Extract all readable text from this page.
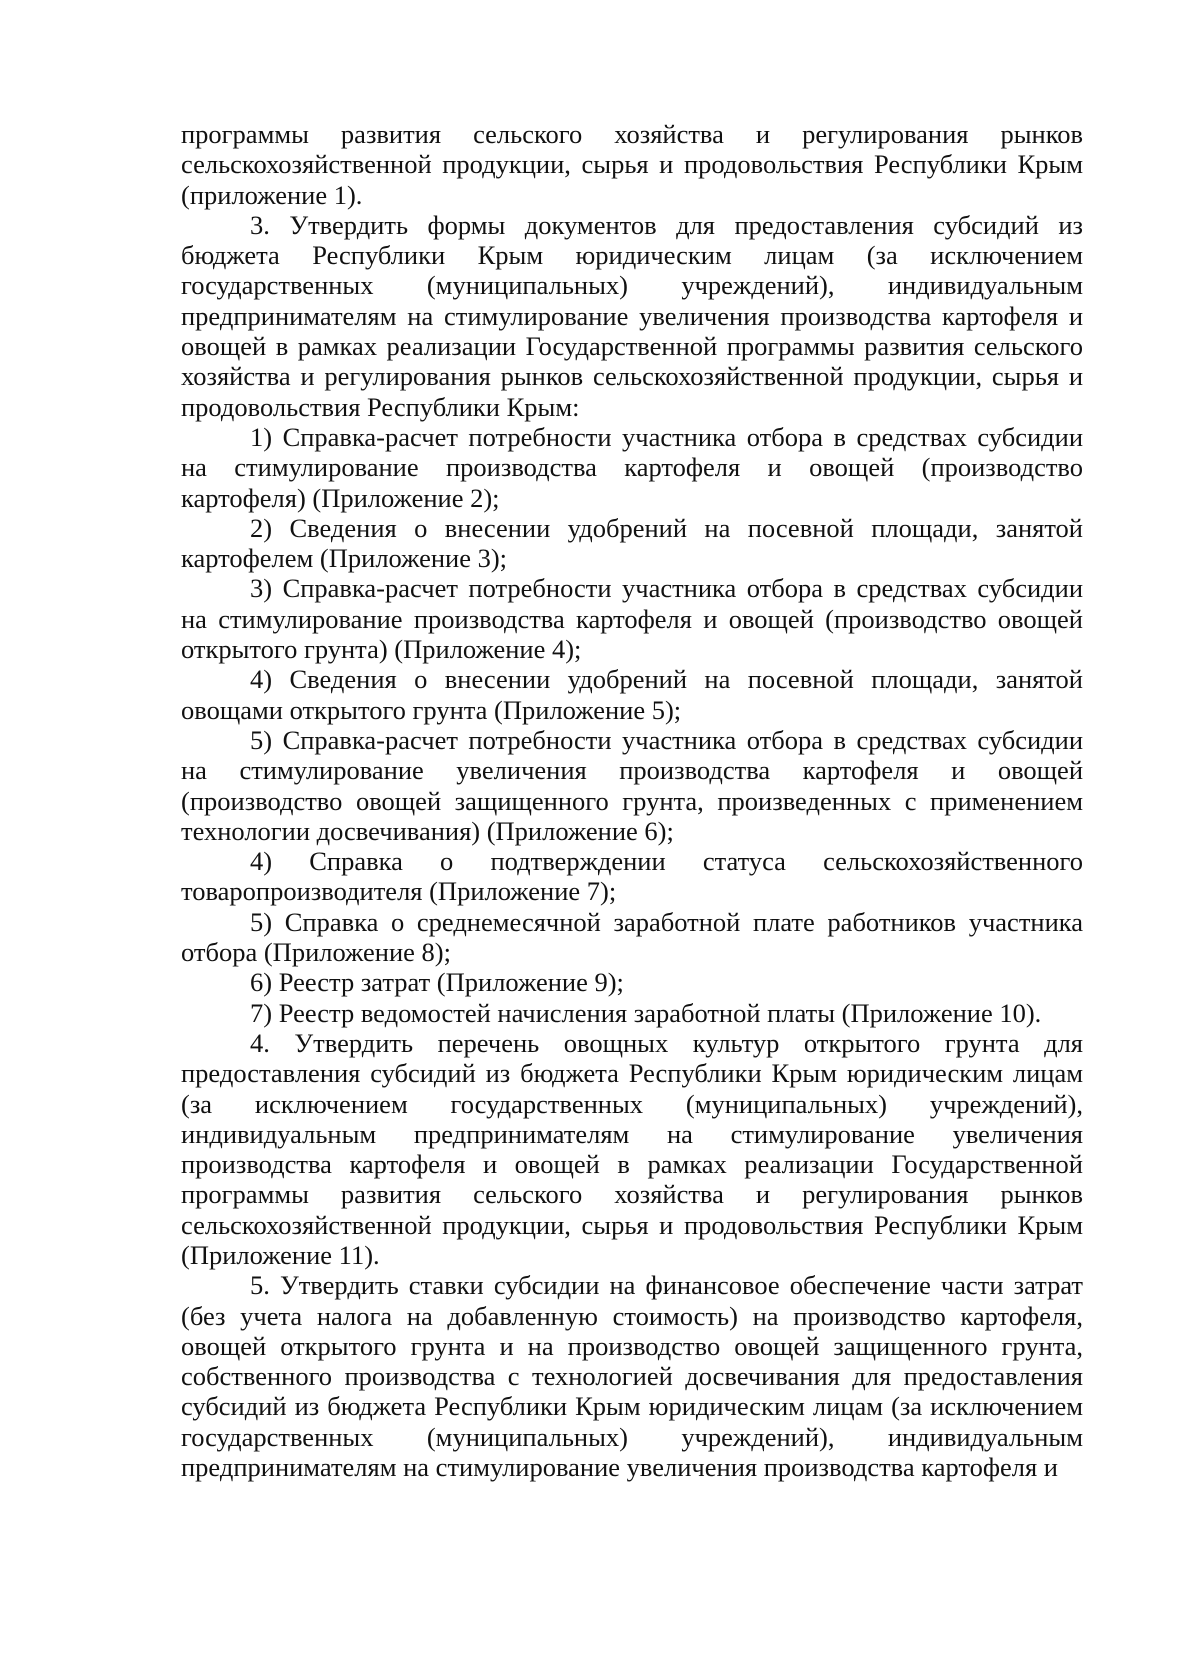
программы развития сельского хозяйства и регулирования рынков сельскохозяйственной продукции, сырья и продовольствия Республики Крым (приложение 1).

3. Утвердить формы документов для предоставления субсидий из бюджета Республики Крым юридическим лицам (за исключением государственных (муниципальных) учреждений), индивидуальным предпринимателям на стимулирование увеличения производства картофеля и овощей в рамках реализации Государственной программы развития сельского хозяйства и регулирования рынков сельскохозяйственной продукции, сырья и продовольствия Республики Крым:

1) Справка-расчет потребности участника отбора в средствах субсидии на стимулирование производства картофеля и овощей (производство картофеля) (Приложение 2);

2) Сведения о внесении удобрений на посевной площади, занятой картофелем (Приложение 3);

3) Справка-расчет потребности участника отбора в средствах субсидии на стимулирование производства картофеля и овощей (производство овощей открытого грунта) (Приложение 4);

4) Сведения о внесении удобрений на посевной площади, занятой овощами открытого грунта (Приложение 5);

5) Справка-расчет потребности участника отбора в средствах субсидии на стимулирование увеличения производства картофеля и овощей (производство овощей защищенного грунта, произведенных с применением технологии досвечивания) (Приложение 6);

4) Справка о подтверждении статуса сельскохозяйственного товаропроизводителя (Приложение 7);

5) Справка о среднемесячной заработной плате работников участника отбора (Приложение 8);

6) Реестр затрат (Приложение 9);

7) Реестр ведомостей начисления заработной платы (Приложение 10).

4. Утвердить перечень овощных культур открытого грунта для предоставления субсидий из бюджета Республики Крым юридическим лицам (за исключением государственных (муниципальных) учреждений), индивидуальным предпринимателям на стимулирование увеличения производства картофеля и овощей в рамках реализации Государственной программы развития сельского хозяйства и регулирования рынков сельскохозяйственной продукции, сырья и продовольствия Республики Крым (Приложение 11).

5. Утвердить ставки субсидии на финансовое обеспечение части затрат (без учета налога на добавленную стоимость) на производство картофеля, овощей открытого грунта и на производство овощей защищенного грунта, собственного производства с технологией досвечивания для предоставления субсидий из бюджета Республики Крым юридическим лицам (за исключением государственных (муниципальных) учреждений), индивидуальным предпринимателям на стимулирование увеличения производства картофеля и
